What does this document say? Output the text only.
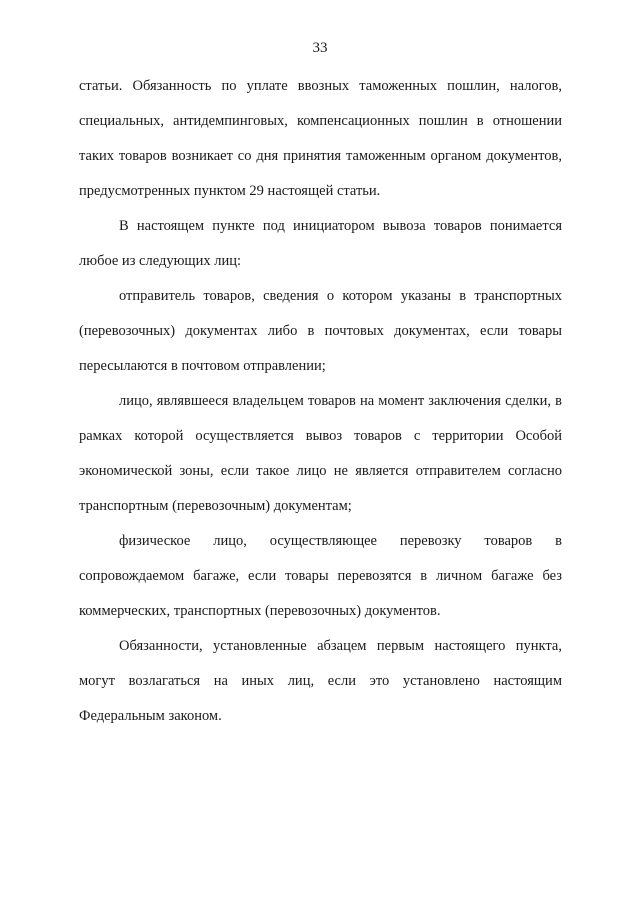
33

статьи. Обязанность по уплате ввозных таможенных пошлин, налогов, специальных, антидемпинговых, компенсационных пошлин в отношении таких товаров возникает со дня принятия таможенным органом документов, предусмотренных пунктом 29 настоящей статьи.

В настоящем пункте под инициатором вывоза товаров понимается любое из следующих лиц:

отправитель товаров, сведения о котором указаны в транспортных (перевозочных) документах либо в почтовых документах, если товары пересылаются в почтовом отправлении;

лицо, являвшееся владельцем товаров на момент заключения сделки, в рамках которой осуществляется вывоз товаров с территории Особой экономической зоны, если такое лицо не является отправителем согласно транспортным (перевозочным) документам;

физическое лицо, осуществляющее перевозку товаров в сопровождаемом багаже, если товары перевозятся в личном багаже без коммерческих, транспортных (перевозочных) документов.

Обязанности, установленные абзацем первым настоящего пункта, могут возлагаться на иных лиц, если это установлено настоящим Федеральным законом.
